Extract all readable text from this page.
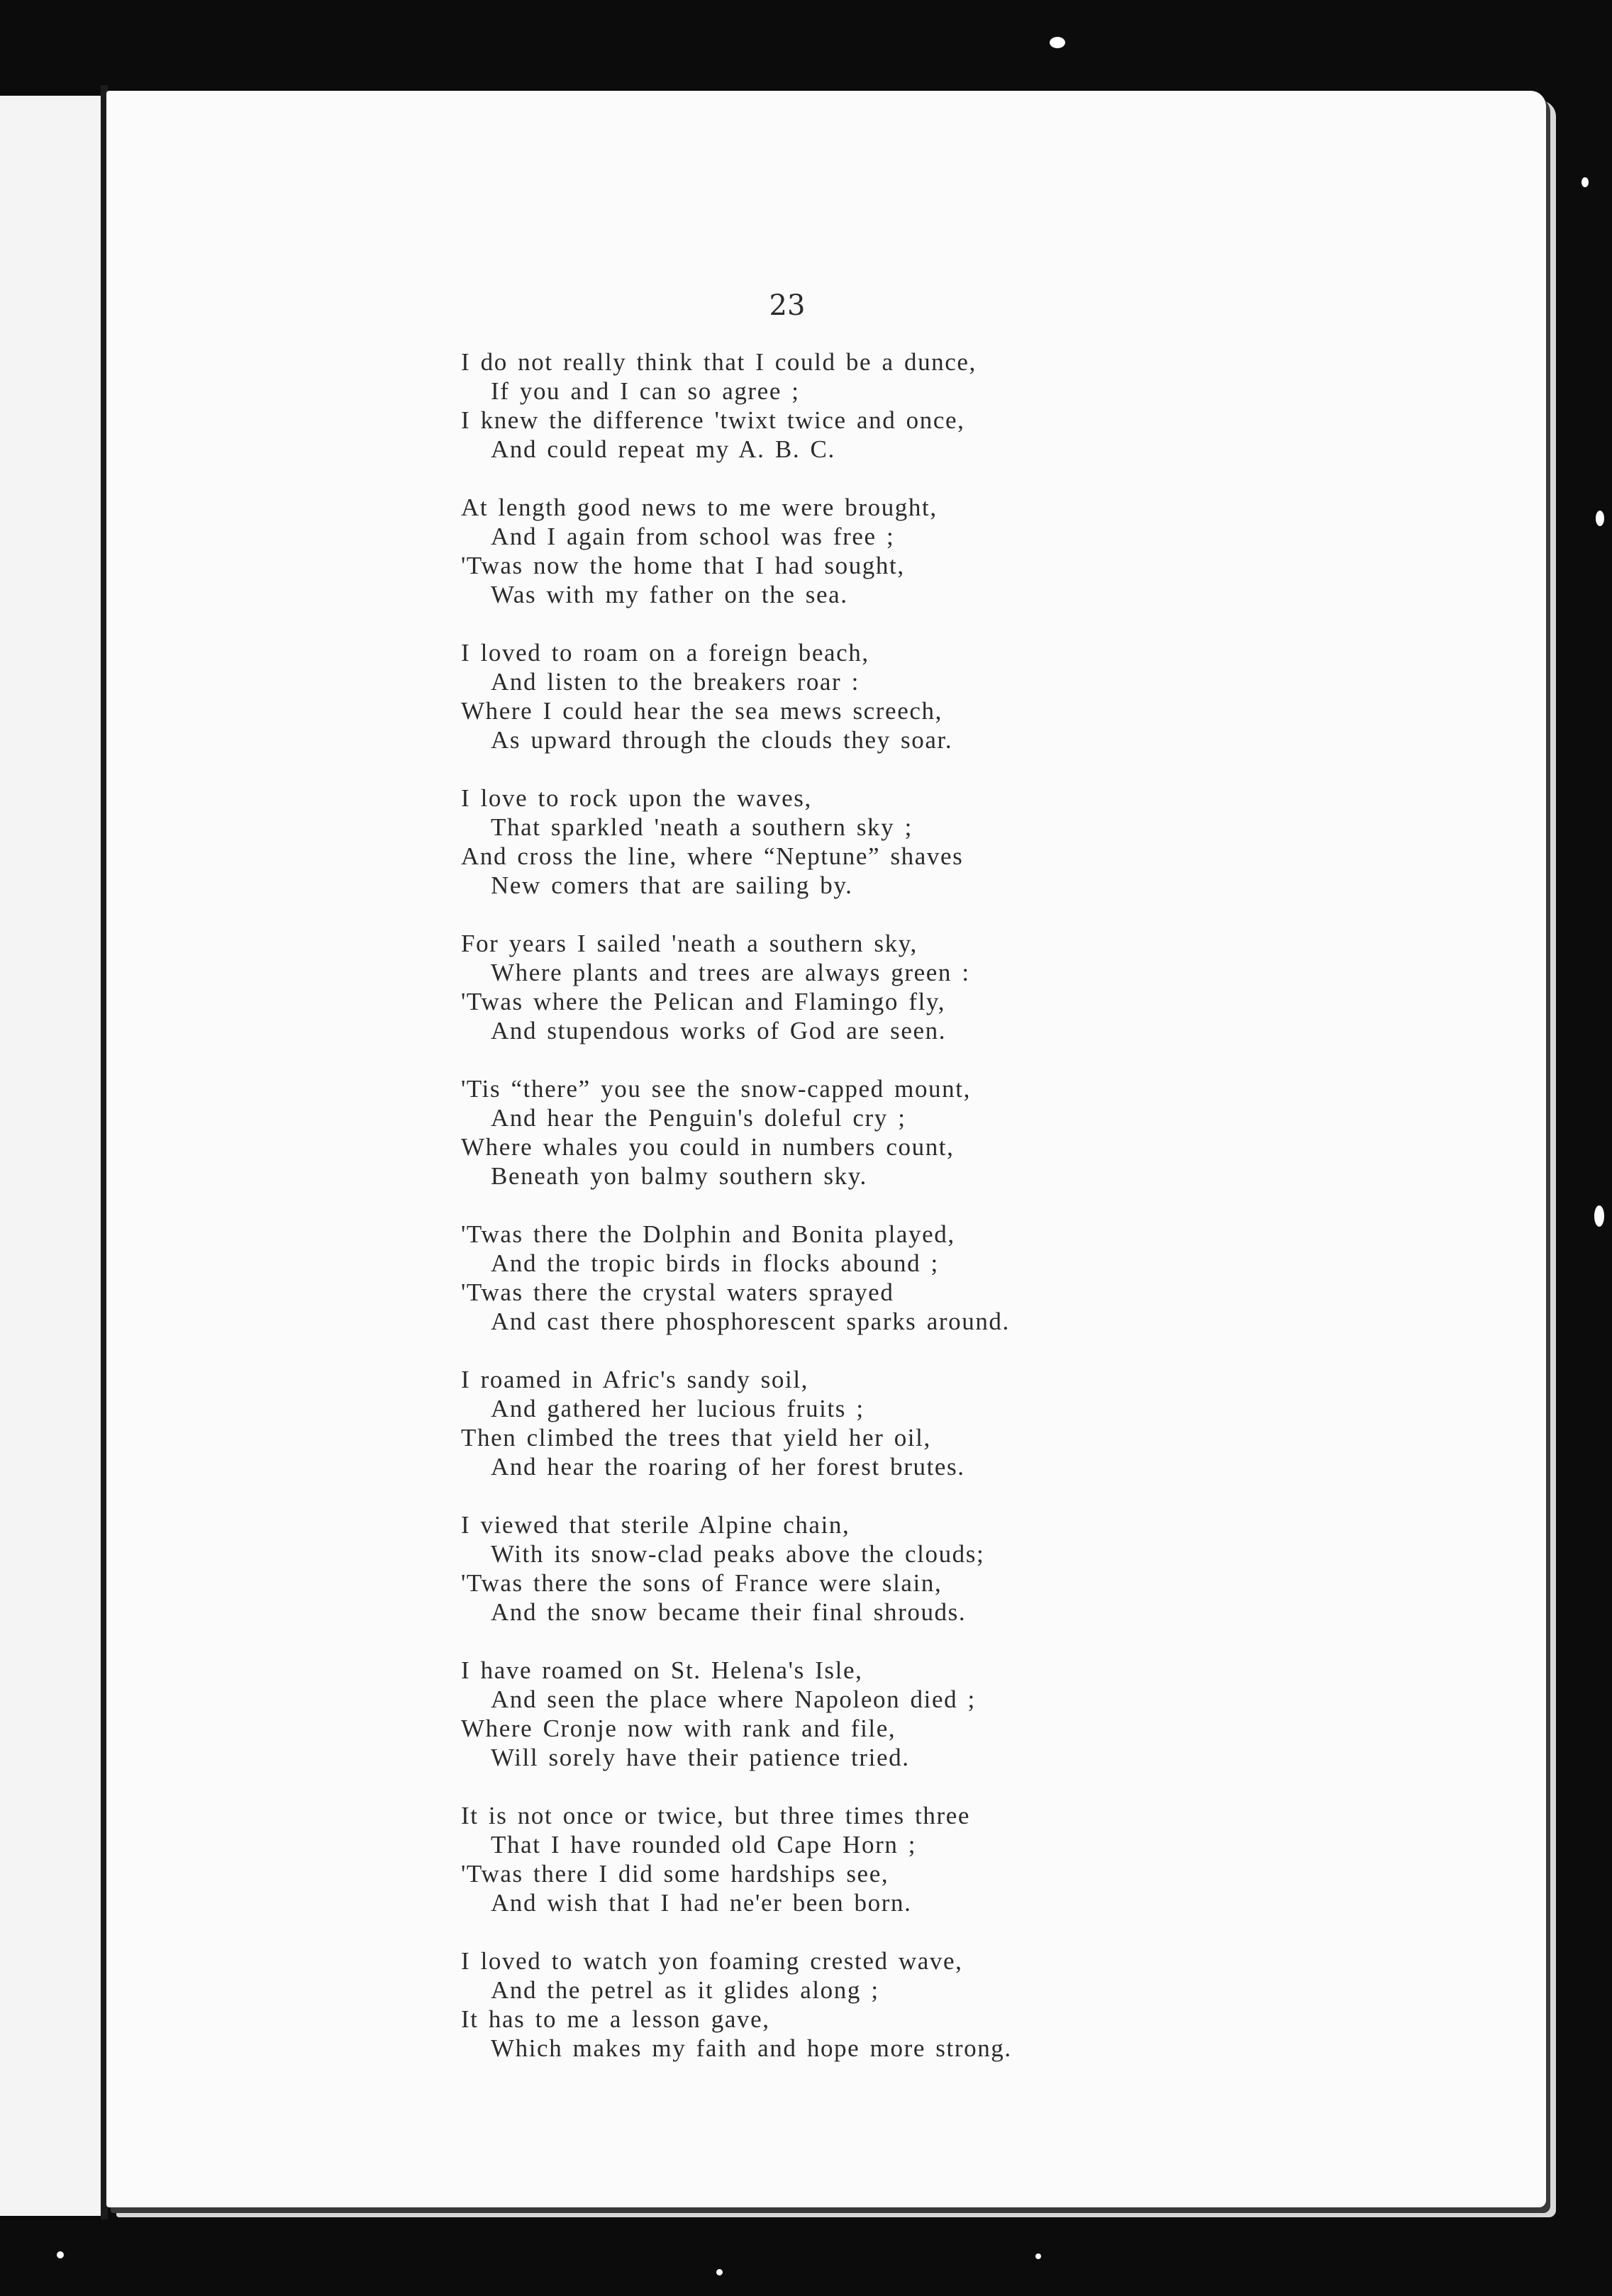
23
I do not really think that I could be a dunce,
If you and I can so agree ;
I knew the difference 'twixt twice and once,
And could repeat my A. B. C.
At length good news to me were brought,
And I again from school was free ;
'Twas now the home that I had sought,
Was with my father on the sea.
I loved to roam on a foreign beach,
And listen to the breakers roar :
Where I could hear the sea mews screech,
As upward through the clouds they soar.
I love to rock upon the waves,
That sparkled 'neath a southern sky ;
And cross the line, where “Neptune” shaves
New comers that are sailing by.
For years I sailed 'neath a southern sky,
Where plants and trees are always green :
'Twas where the Pelican and Flamingo fly,
And stupendous works of God are seen.
'Tis “there” you see the snow-capped mount,
And hear the Penguin's doleful cry ;
Where whales you could in numbers count,
Beneath yon balmy southern sky.
'Twas there the Dolphin and Bonita played,
And the tropic birds in flocks abound ;
'Twas there the crystal waters sprayed
And cast there phosphorescent sparks around.
I roamed in Afric's sandy soil,
And gathered her lucious fruits ;
Then climbed the trees that yield her oil,
And hear the roaring of her forest brutes.
I viewed that sterile Alpine chain,
With its snow-clad peaks above the clouds;
'Twas there the sons of France were slain,
And the snow became their final shrouds.
I have roamed on St. Helena's Isle,
And seen the place where Napoleon died ;
Where Cronje now with rank and file,
Will sorely have their patience tried.
It is not once or twice, but three times three
That I have rounded old Cape Horn ;
'Twas there I did some hardships see,
And wish that I had ne'er been born.
I loved to watch yon foaming crested wave,
And the petrel as it glides along ;
It has to me a lesson gave,
Which makes my faith and hope more strong.
